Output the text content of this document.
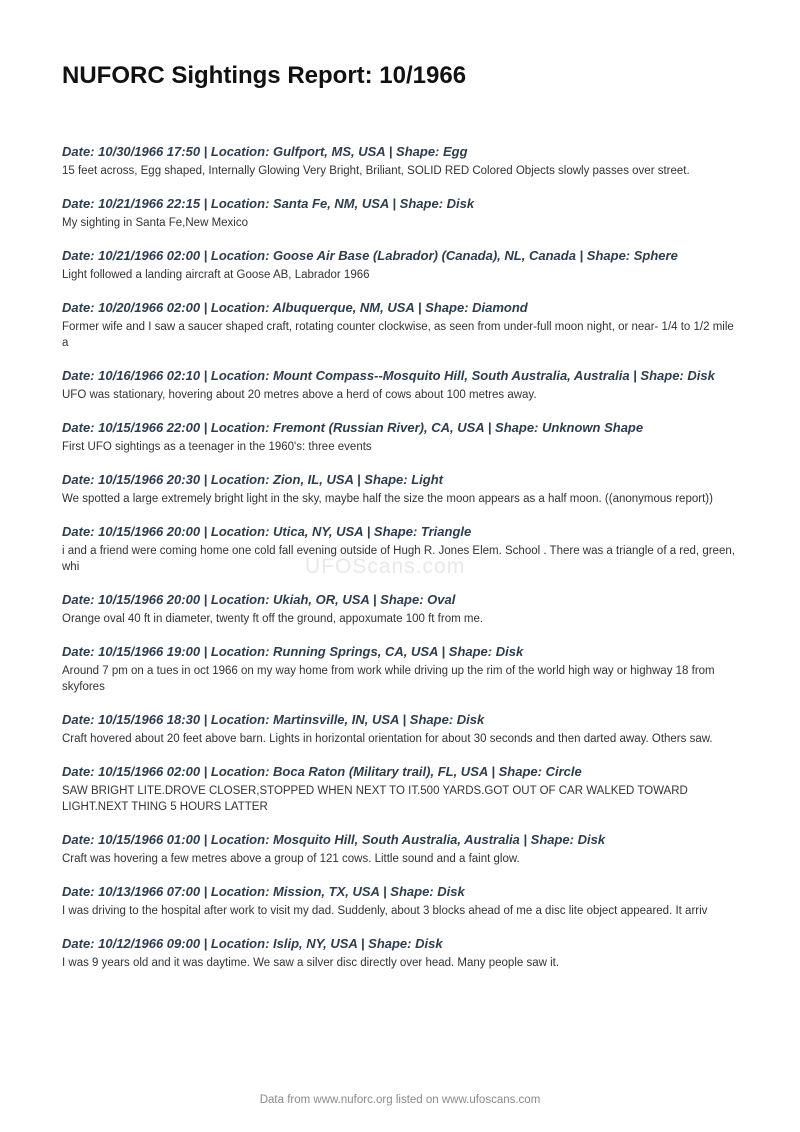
NUFORC Sightings Report: 10/1966

Date: 10/30/1966 17:50 | Location: Gulfport, MS, USA | Shape: Egg

15 feet across, Egg shaped, Internally Glowing Very Bright, Briliant, SOLID RED Colored Objects slowly passes over street.

Date: 10/21/1966 22:15 | Location: Santa Fe, NM, USA | Shape: Disk

My sighting in Santa Fe,New Mexico

Date: 10/21/1966 02:00 | Location: Goose Air Base (Labrador) (Canada), NL, Canada | Shape: Sphere

Light followed a landing aircraft at Goose AB, Labrador 1966

Date: 10/20/1966 02:00 | Location: Albuquerque, NM, USA | Shape: Diamond

Former wife and I saw a saucer shaped craft, rotating counter clockwise, as seen from under-full moon night, or near- 1/4 to 1/2 mile a

Date: 10/16/1966 02:10 | Location: Mount Compass--Mosquito Hill, South Australia, Australia | Shape: Disk

UFO was stationary, hovering about 20 metres above a herd of cows about 100 metres away.

Date: 10/15/1966 22:00 | Location: Fremont (Russian River), CA, USA | Shape: Unknown Shape

First UFO sightings as a teenager in the 1960's: three events

Date: 10/15/1966 20:30 | Location: Zion, IL, USA | Shape: Light

We spotted a large extremely bright light in the sky, maybe half the size the moon appears as a half moon. ((anonymous report))

Date: 10/15/1966 20:00 | Location: Utica, NY, USA | Shape: Triangle

i and a friend were coming home one cold fall evening outside of Hugh R. Jones Elem. School . There was a triangle of a red, green, whi

Date: 10/15/1966 20:00 | Location: Ukiah, OR, USA | Shape: Oval

Orange oval 40 ft in diameter, twenty ft off the ground, appoxumate 100 ft from me.

Date: 10/15/1966 19:00 | Location: Running Springs, CA, USA | Shape: Disk

Around 7 pm on a tues in oct 1966 on my way home from work while driving up the rim of the world high way or highway 18 from skyfores

Date: 10/15/1966 18:30 | Location: Martinsville, IN, USA | Shape: Disk

Craft hovered about 20 feet above barn. Lights in horizontal orientation for about 30 seconds and then darted away. Others saw.

Date: 10/15/1966 02:00 | Location: Boca Raton (Military trail), FL, USA | Shape: Circle

SAW BRIGHT LITE.DROVE CLOSER,STOPPED WHEN NEXT TO IT.500 YARDS.GOT OUT OF CAR WALKED TOWARD LIGHT.NEXT THING 5 HOURS LATTER

Date: 10/15/1966 01:00 | Location: Mosquito Hill, South Australia, Australia | Shape: Disk

Craft was hovering a few metres above a group of 121 cows. Little sound and a faint glow.

Date: 10/13/1966 07:00 | Location: Mission, TX, USA | Shape: Disk

I was driving to the hospital after work to visit my dad. Suddenly, about 3 blocks ahead of me a disc lite object appeared. It arriv

Date: 10/12/1966 09:00 | Location: Islip, NY, USA | Shape: Disk

I was 9 years old and it was daytime. We saw a silver disc directly over head. Many people saw it.

UFOScans.com
Data from www.nuforc.org listed on www.ufoscans.com
